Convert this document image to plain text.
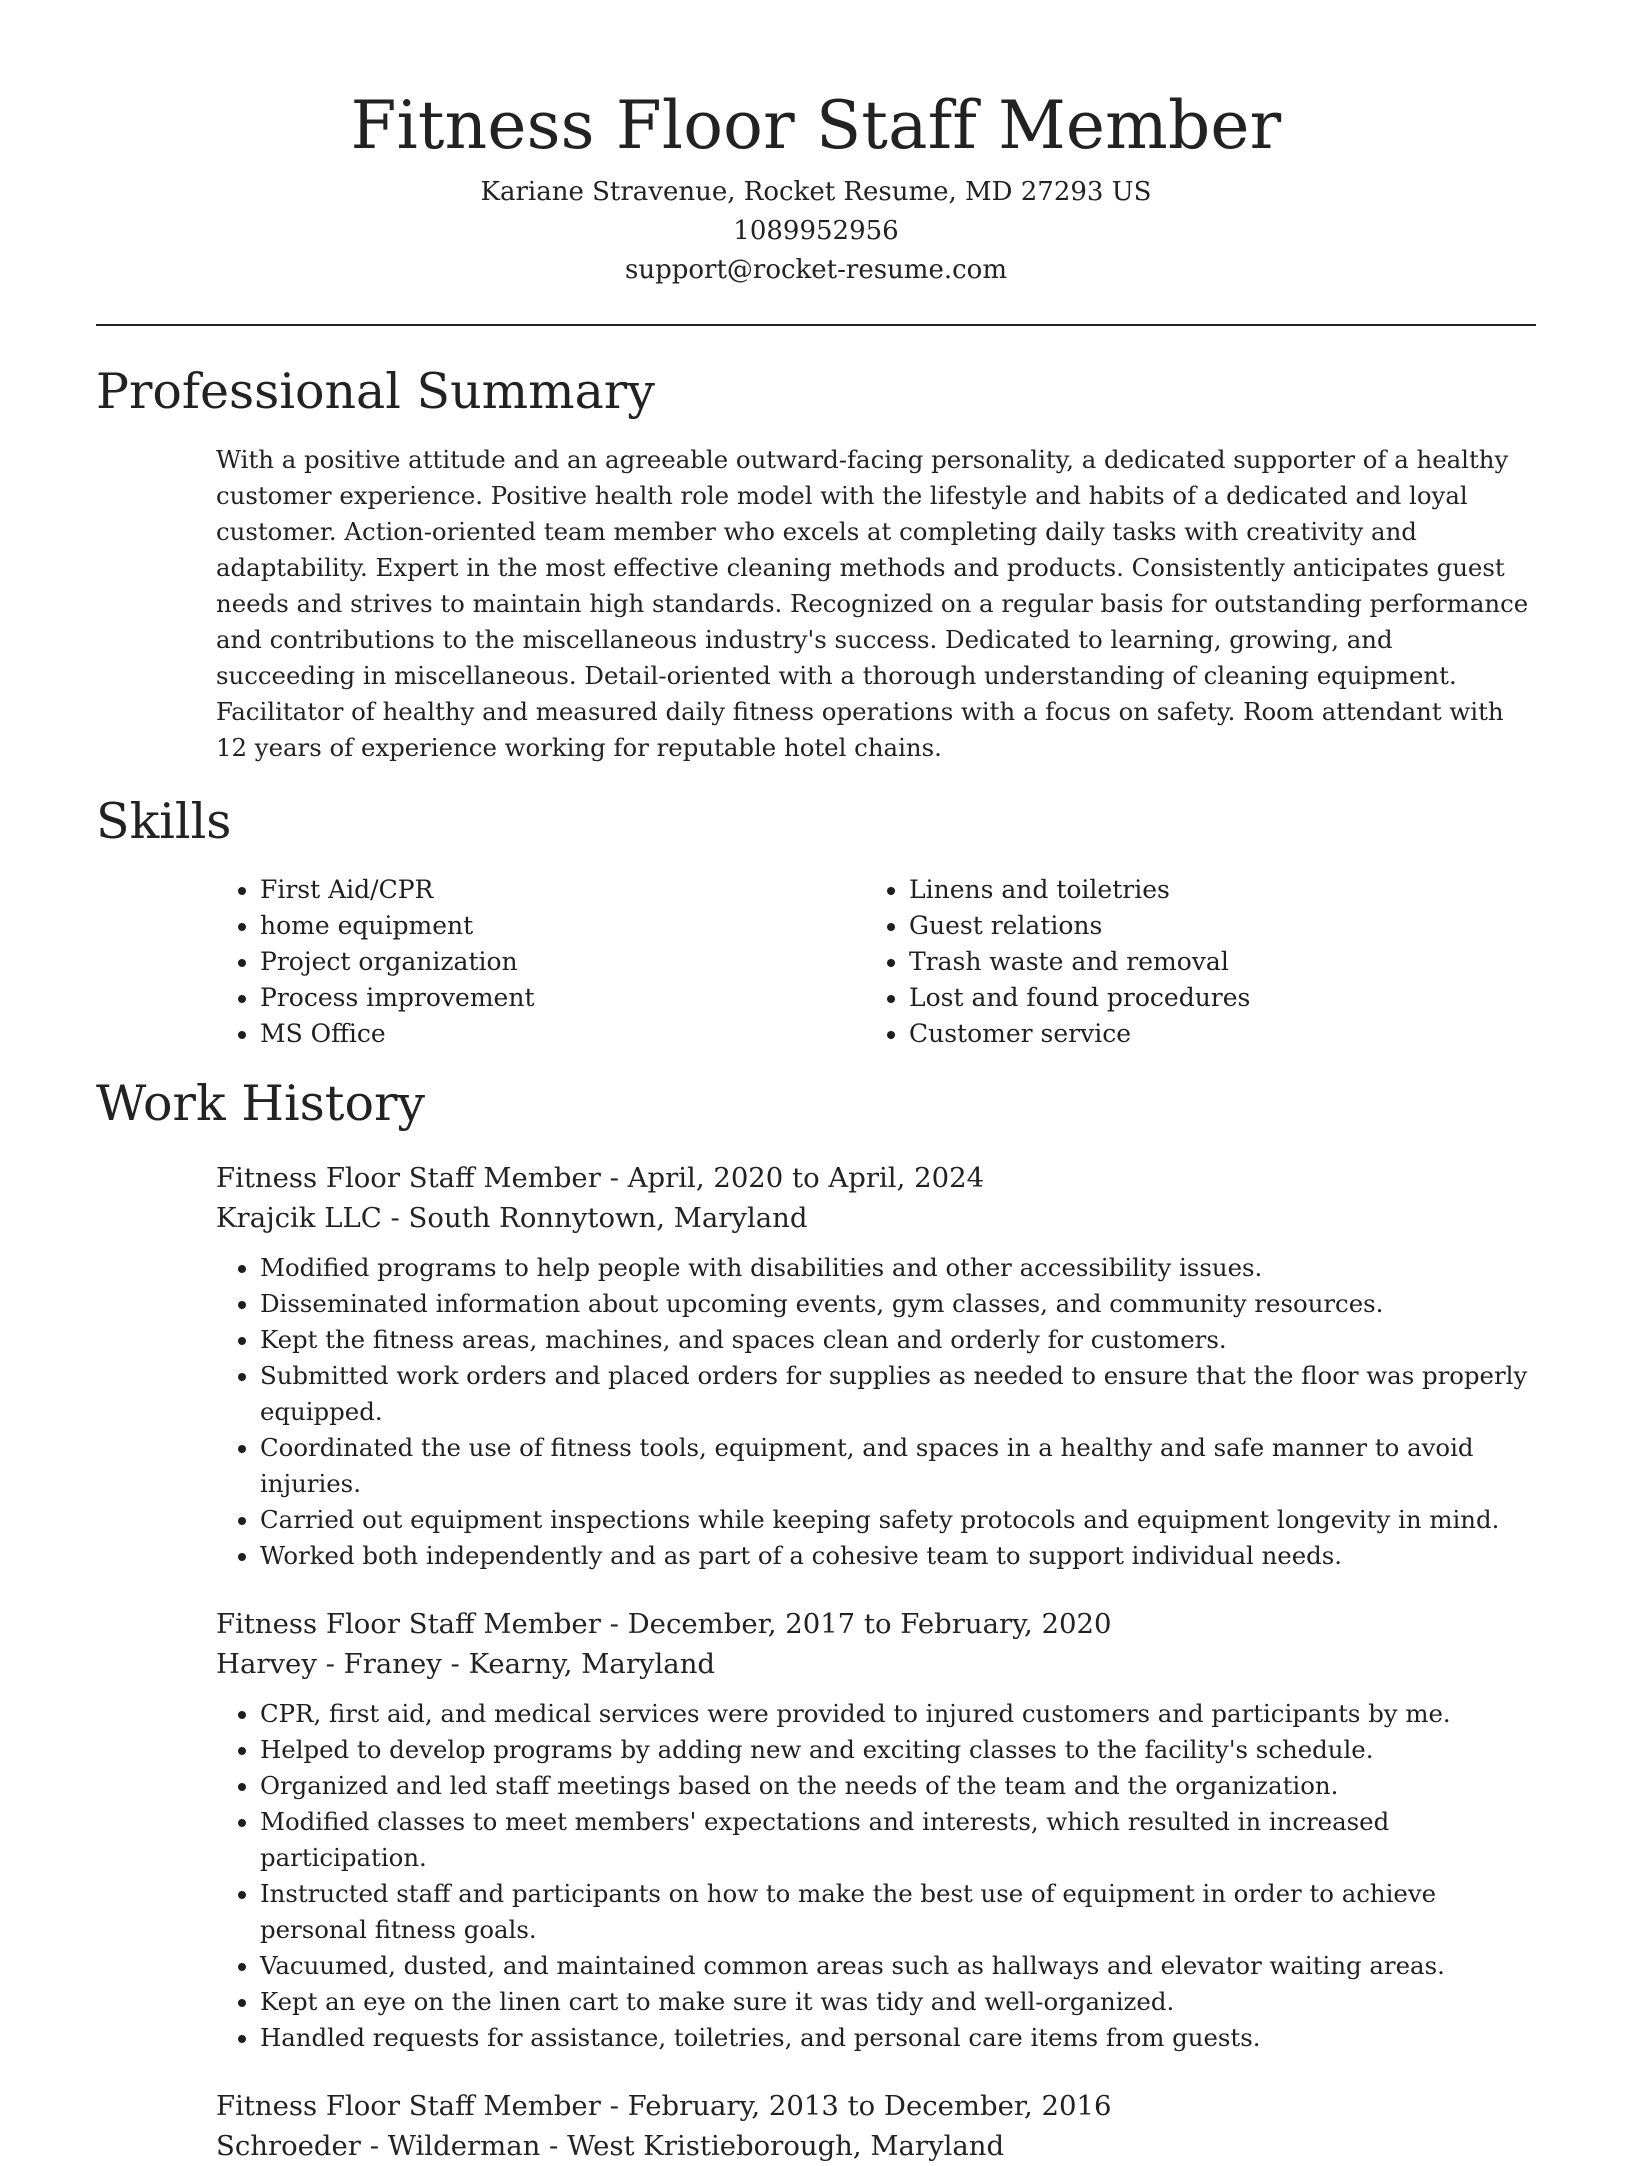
Fitness Floor Staff Member
Kariane Stravenue, Rocket Resume, MD 27293 US
1089952956
support@rocket-resume.com
Professional Summary

With a positive attitude and an agreeable outward-facing personality, a dedicated supporter of a healthy customer experience. Positive health role model with the lifestyle and habits of a dedicated and loyal customer. Action-oriented team member who excels at completing daily tasks with creativity and adaptability. Expert in the most effective cleaning methods and products. Consistently anticipates guest needs and strives to maintain high standards. Recognized on a regular basis for outstanding performance and contributions to the miscellaneous industry's success. Dedicated to learning, growing, and succeeding in miscellaneous. Detail-oriented with a thorough understanding of cleaning equipment. Facilitator of healthy and measured daily fitness operations with a focus on safety. Room attendant with 12 years of experience working for reputable hotel chains.

Skills
• First Aid/CPR
• home equipment
• Project organization
• Process improvement
• MS Office
• Linens and toiletries
• Guest relations
• Trash waste and removal
• Lost and found procedures
• Customer service
Work History
Fitness Floor Staff Member - April, 2020 to April, 2024
Krajcik LLC - South Ronnytown, Maryland
• Modified programs to help people with disabilities and other accessibility issues.
• Disseminated information about upcoming events, gym classes, and community resources.
• Kept the fitness areas, machines, and spaces clean and orderly for customers.
• Submitted work orders and placed orders for supplies as needed to ensure that the floor was properly equipped.
• Coordinated the use of fitness tools, equipment, and spaces in a healthy and safe manner to avoid injuries.
• Carried out equipment inspections while keeping safety protocols and equipment longevity in mind.
• Worked both independently and as part of a cohesive team to support individual needs.
Fitness Floor Staff Member - December, 2017 to February, 2020
Harvey - Franey - Kearny, Maryland
• CPR, first aid, and medical services were provided to injured customers and participants by me.
• Helped to develop programs by adding new and exciting classes to the facility's schedule.
• Organized and led staff meetings based on the needs of the team and the organization.
• Modified classes to meet members' expectations and interests, which resulted in increased participation.
• Instructed staff and participants on how to make the best use of equipment in order to achieve personal fitness goals.
• Vacuumed, dusted, and maintained common areas such as hallways and elevator waiting areas.
• Kept an eye on the linen cart to make sure it was tidy and well-organized.
• Handled requests for assistance, toiletries, and personal care items from guests.
Fitness Floor Staff Member - February, 2013 to December, 2016
Schroeder - Wilderman - West Kristieborough, Maryland
